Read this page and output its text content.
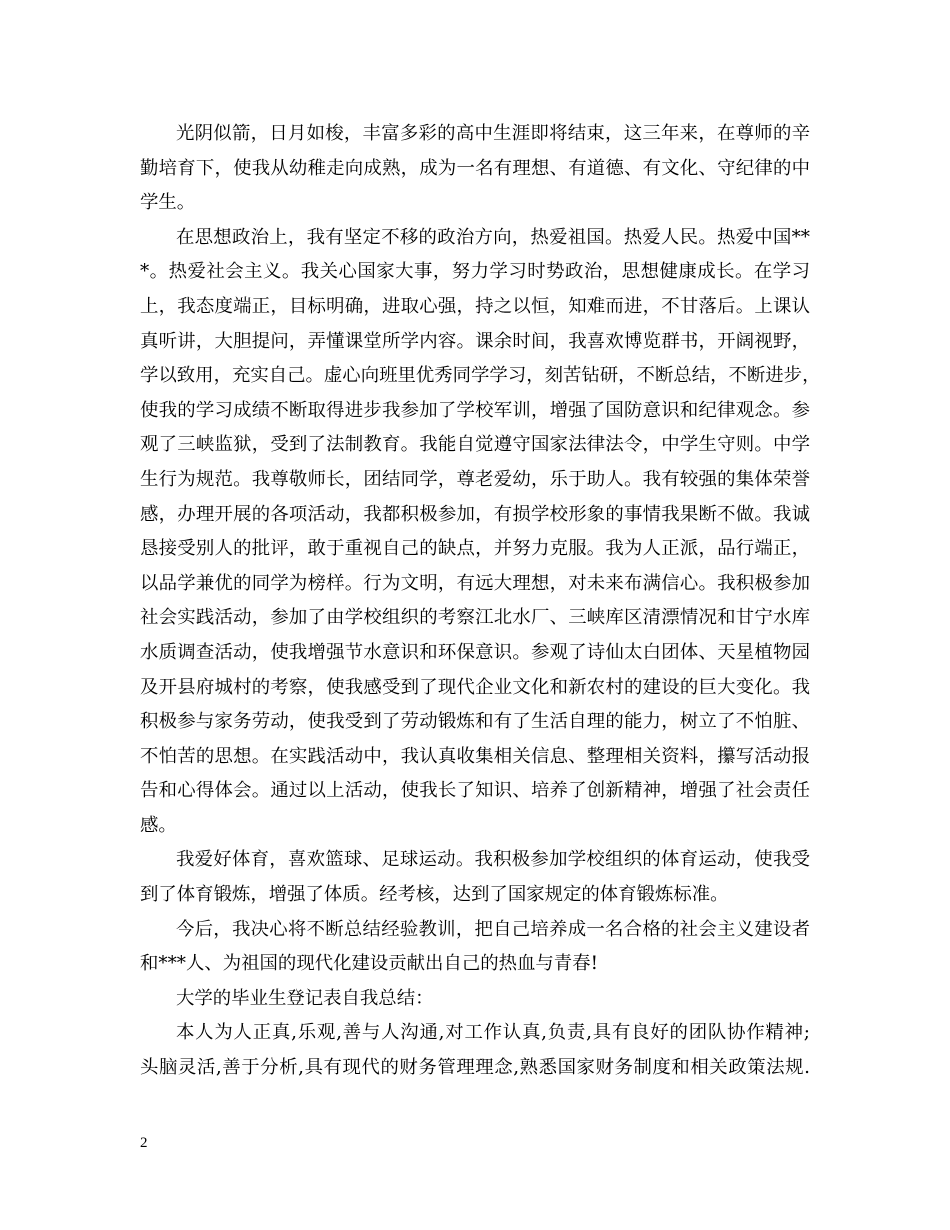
光阴似箭，日月如梭，丰富多彩的高中生涯即将结束，这三年来，在尊师的辛
勤培育下，使我从幼稚走向成熟，成为一名有理想、有道德、有文化、守纪律的中
学生。
在思想政治上，我有坚定不移的政治方向，热爱祖国。热爱人民。热爱中国**
*。热爱社会主义。我关心国家大事，努力学习时势政治，思想健康成长。在学习
上，我态度端正，目标明确，进取心强，持之以恒，知难而进，不甘落后。上课认
真听讲，大胆提问，弄懂课堂所学内容。课余时间，我喜欢博览群书，开阔视野，
学以致用，充实自己。虚心向班里优秀同学学习，刻苦钻研，不断总结，不断进步，
使我的学习成绩不断取得进步我参加了学校军训，增强了国防意识和纪律观念。参
观了三峡监狱，受到了法制教育。我能自觉遵守国家法律法令，中学生守则。中学
生行为规范。我尊敬师长，团结同学，尊老爱幼，乐于助人。我有较强的集体荣誉
感，办理开展的各项活动，我都积极参加，有损学校形象的事情我果断不做。我诚
恳接受别人的批评，敢于重视自己的缺点，并努力克服。我为人正派，品行端正，
以品学兼优的同学为榜样。行为文明，有远大理想，对未来布满信心。我积极参加
社会实践活动，参加了由学校组织的考察江北水厂、三峡库区清漂情况和甘宁水库
水质调查活动，使我增强节水意识和环保意识。参观了诗仙太白团体、天星植物园
及开县府城村的考察，使我感受到了现代企业文化和新农村的建设的巨大变化。我
积极参与家务劳动，使我受到了劳动锻炼和有了生活自理的能力，树立了不怕脏、
不怕苦的思想。在实践活动中，我认真收集相关信息、整理相关资料，攥写活动报
告和心得体会。通过以上活动，使我长了知识、培养了创新精神，增强了社会责任
感。
我爱好体育，喜欢篮球、足球运动。我积极参加学校组织的体育运动，使我受
到了体育锻炼，增强了体质。经考核，达到了国家规定的体育锻炼标准。
今后，我决心将不断总结经验教训，把自己培养成一名合格的社会主义建设者
和***人、为祖国的现代化建设贡献出自己的热血与青春!
大学的毕业生登记表自我总结：
本人为人正真,乐观,善与人沟通,对工作认真,负责,具有良好的团队协作精神;
头脑灵活,善于分析,具有现代的财务管理理念,熟悉国家财务制度和相关政策法规.
2
